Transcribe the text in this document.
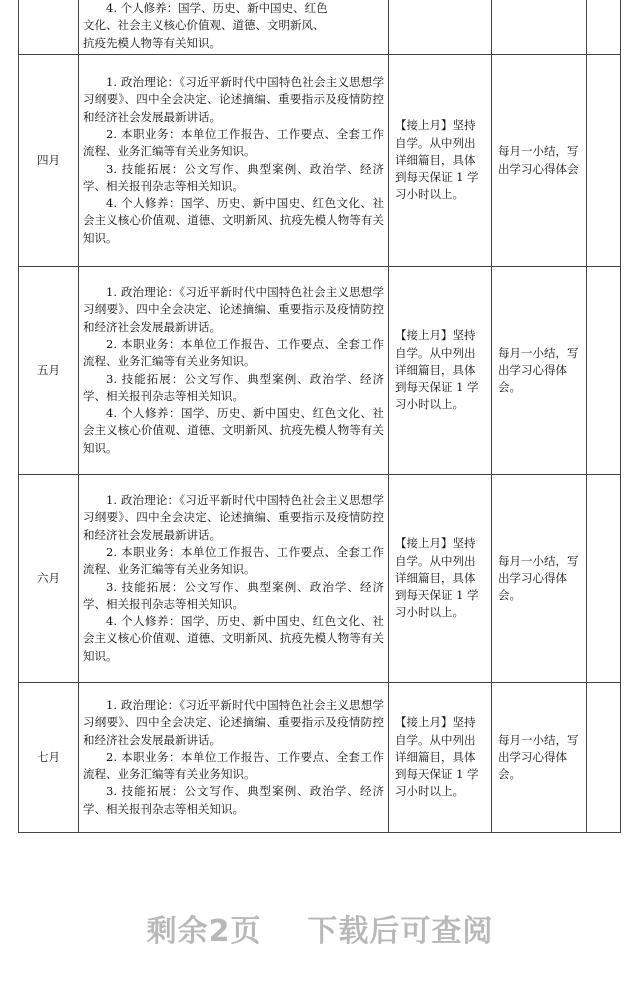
	4. 个人修养：国学、历史、新中国史、红色

文化、社会主义核心价值观、道德、文明新风、

抗疫先模人物等有关知识。			

四月	1. 政治理论：《习近平新时代中国特色社会主义思想学习纲要》、四中全会决定、论述摘编、重要指示及疫情防控和经济社会发展最新讲话。

2. 本职业务：本单位工作报告、工作要点、全套工作流程、业务汇编等有关业务知识。

3. 技能拓展：公文写作、典型案例、政治学、经济学、相关报刊杂志等相关知识。

4. 个人修养：国学、历史、新中国史、红色文化、社会主义核心价值观、道德、文明新风、抗疫先模人物等有关知识。	【接上月】坚持自学。从中列出详细篇目，具体到每天保证 1 学习小时以上。	每月一小结，写出学习心得体会	

五月	1. 政治理论：《习近平新时代中国特色社会主义思想学习纲要》、四中全会决定、论述摘编、重要指示及疫情防控和经济社会发展最新讲话。

2. 本职业务：本单位工作报告、工作要点、全套工作流程、业务汇编等有关业务知识。

3. 技能拓展：公文写作、典型案例、政治学、经济学、相关报刊杂志等相关知识。

4. 个人修养：国学、历史、新中国史、红色文化、社会主义核心价值观、道德、文明新风、抗疫先模人物等有关知识。	【接上月】坚持自学。从中列出详细篇目，具体到每天保证 1 学习小时以上。	每月一小结，写出学习心得体会。	

六月	1. 政治理论：《习近平新时代中国特色社会主义思想学习纲要》、四中全会决定、论述摘编、重要指示及疫情防控和经济社会发展最新讲话。

2. 本职业务：本单位工作报告、工作要点、全套工作流程、业务汇编等有关业务知识。

3. 技能拓展：公文写作、典型案例、政治学、经济学、相关报刊杂志等相关知识。

4. 个人修养：国学、历史、新中国史、红色文化、社会主义核心价值观、道德、文明新风、抗疫先模人物等有关知识。	【接上月】坚持自学。从中列出详细篇目，具体到每天保证 1 学习小时以上。	每月一小结，写出学习心得体会。	

七月	1. 政治理论：《习近平新时代中国特色社会主义思想学习纲要》、四中全会决定、论述摘编、重要指示及疫情防控和经济社会发展最新讲话。

2. 本职业务：本单位工作报告、工作要点、全套工作流程、业务汇编等有关业务知识。

3. 技能拓展：公文写作、典型案例、政治学、经济学、相关报刊杂志等相关知识。	【接上月】坚持自学。从中列出详细篇目，具体到每天保证 1 学习小时以上。	每月一小结，写出学习心得体会。	

剩余2页 下载后可查阅
